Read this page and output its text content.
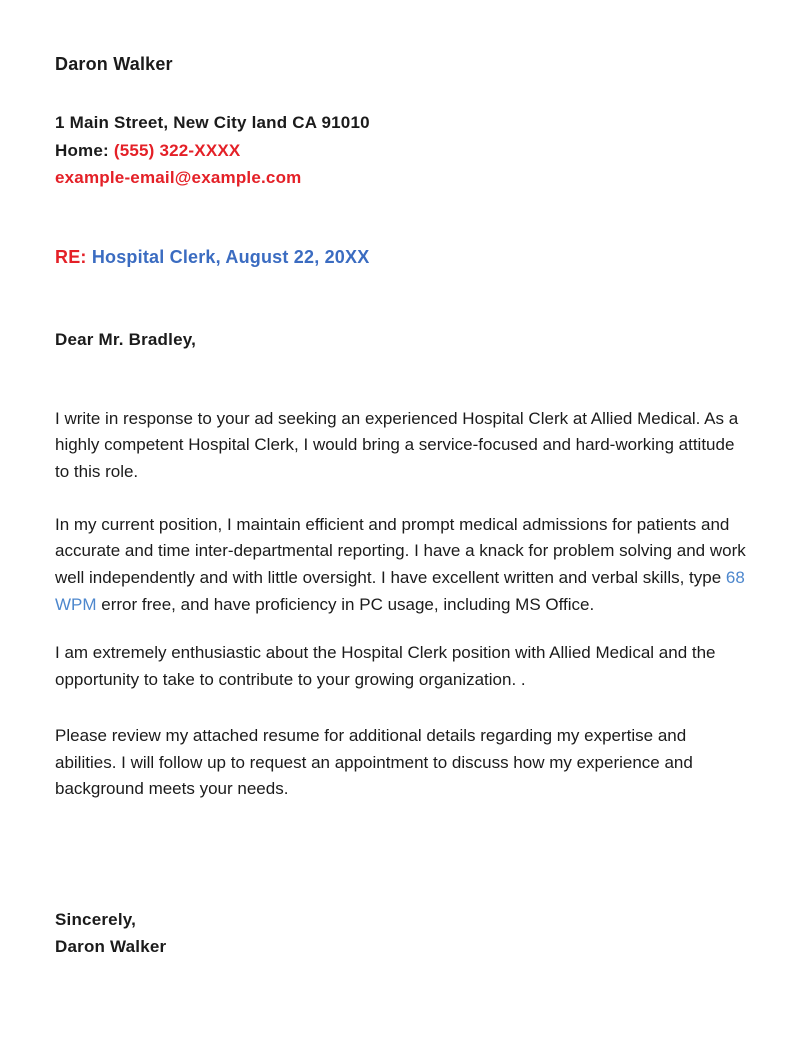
Daron Walker
1 Main Street, New City land CA 91010
Home: (555) 322-XXXX
example-email@example.com
RE: Hospital Clerk, August 22, 20XX
Dear Mr. Bradley,

I write in response to your ad seeking an experienced Hospital Clerk at Allied Medical. As a highly competent Hospital Clerk, I would bring a service-focused and hard-working attitude to this role.

In my current position, I maintain efficient and prompt medical admissions for patients and accurate and time inter-departmental reporting. I have a knack for problem solving and work well independently and with little oversight. I have excellent written and verbal skills, type 68 WPM error free, and have proficiency in PC usage, including MS Office.

I am extremely enthusiastic about the Hospital Clerk position with Allied Medical and the opportunity to take to contribute to your growing organization. .

Please review my attached resume for additional details regarding my expertise and abilities. I will follow up to request an appointment to discuss how my experience and background meets your needs.

Sincerely,
Daron Walker
